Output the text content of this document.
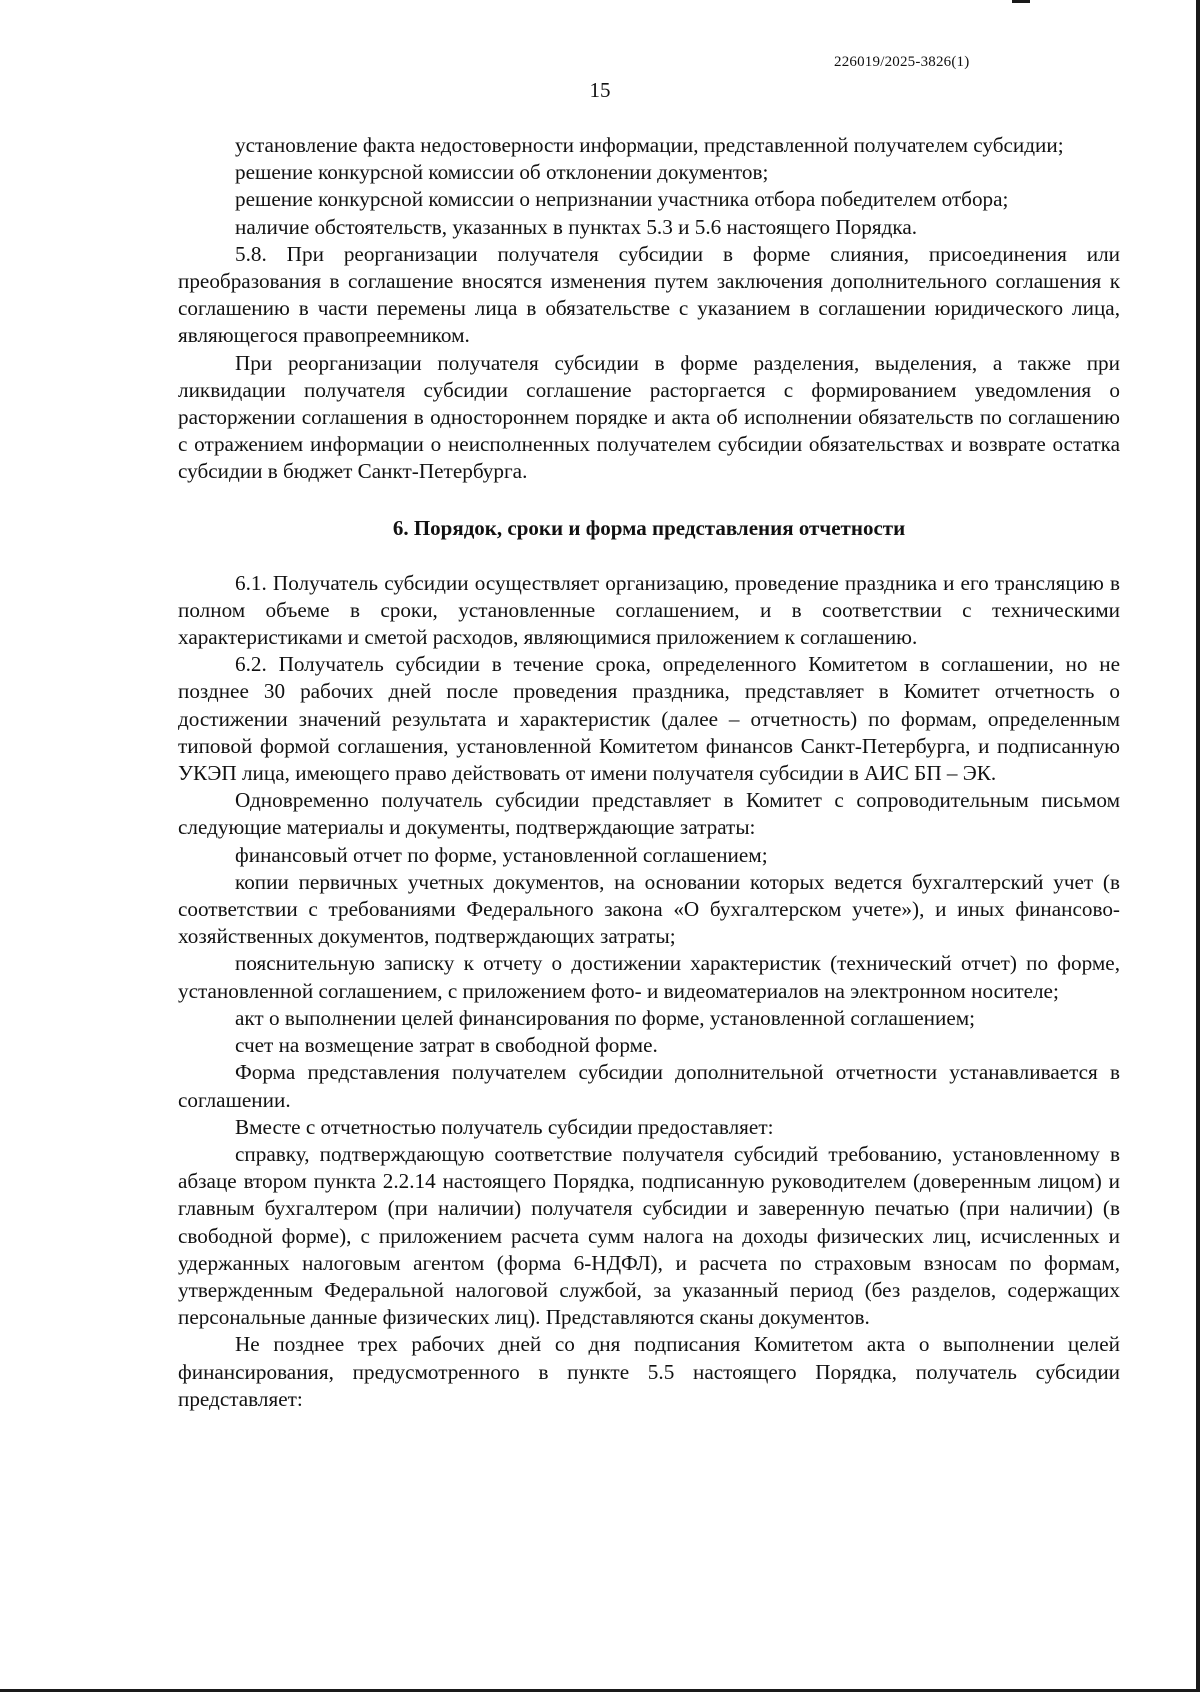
226019/2025-3826(1)
15

установление факта недостоверности информации, представленной получателем субсидии;

решение конкурсной комиссии об отклонении документов;

решение конкурсной комиссии о непризнании участника отбора победителем отбора;

наличие обстоятельств, указанных в пунктах 5.3 и 5.6 настоящего Порядка.

5.8. При реорганизации получателя субсидии в форме слияния, присоединения или преобразования в соглашение вносятся изменения путем заключения дополнительного соглашения к соглашению в части перемены лица в обязательстве с указанием в соглашении юридического лица, являющегося правопреемником.

При реорганизации получателя субсидии в форме разделения, выделения, а также при ликвидации получателя субсидии соглашение расторгается с формированием уведомления о расторжении соглашения в одностороннем порядке и акта об исполнении обязательств по соглашению с отражением информации о неисполненных получателем субсидии обязательствах и возврате остатка субсидии в бюджет Санкт-Петербурга.

6. Порядок, сроки и форма представления отчетности

6.1. Получатель субсидии осуществляет организацию, проведение праздника и его трансляцию в полном объеме в сроки, установленные соглашением, и в соответствии с техническими характеристиками и сметой расходов, являющимися приложением к соглашению.

6.2. Получатель субсидии в течение срока, определенного Комитетом в соглашении, но не позднее 30 рабочих дней после проведения праздника, представляет в Комитет отчетность о достижении значений результата и характеристик (далее – отчетность) по формам, определенным типовой формой соглашения, установленной Комитетом финансов Санкт-Петербурга, и подписанную УКЭП лица, имеющего право действовать от имени получателя субсидии в АИС БП – ЭК.

Одновременно получатель субсидии представляет в Комитет с сопроводительным письмом следующие материалы и документы, подтверждающие затраты:

финансовый отчет по форме, установленной соглашением;

копии первичных учетных документов, на основании которых ведется бухгалтерский учет (в соответствии с требованиями Федерального закона «О бухгалтерском учете»), и иных финансово-хозяйственных документов, подтверждающих затраты;

пояснительную записку к отчету о достижении характеристик (технический отчет) по форме, установленной соглашением, с приложением фото- и видеоматериалов на электронном носителе;

акт о выполнении целей финансирования по форме, установленной соглашением;

счет на возмещение затрат в свободной форме.

Форма представления получателем субсидии дополнительной отчетности устанавливается в соглашении.

Вместе с отчетностью получатель субсидии предоставляет:

справку, подтверждающую соответствие получателя субсидий требованию, установленному в абзаце втором пункта 2.2.14 настоящего Порядка, подписанную руководителем (доверенным лицом) и главным бухгалтером (при наличии) получателя субсидии и заверенную печатью (при наличии) (в свободной форме), с приложением расчета сумм налога на доходы физических лиц, исчисленных и удержанных налоговым агентом (форма 6-НДФЛ), и расчета по страховым взносам по формам, утвержденным Федеральной налоговой службой, за указанный период (без разделов, содержащих персональные данные физических лиц). Представляются сканы документов.

Не позднее трех рабочих дней со дня подписания Комитетом акта о выполнении целей финансирования, предусмотренного в пункте 5.5 настоящего Порядка, получатель субсидии представляет:
